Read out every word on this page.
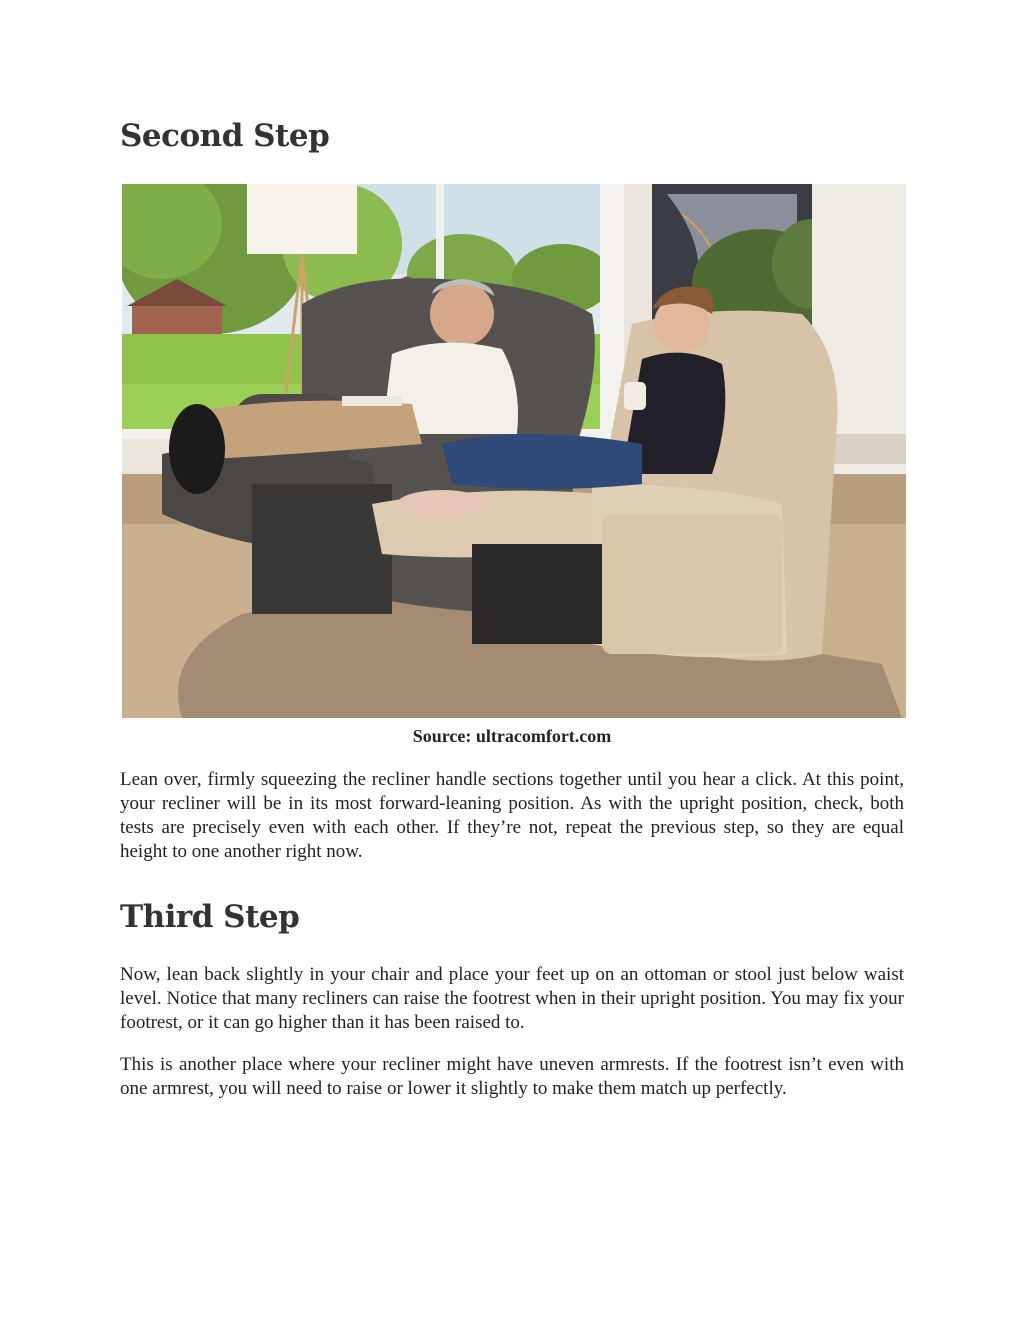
Second Step
Source: ultracomfort.com

Lean over, firmly squeezing the recliner handle sections together until you hear a click. At this point, your recliner will be in its most forward-leaning position. As with the upright position, check, both tests are precisely even with each other. If they’re not, repeat the previous step, so they are equal height to one another right now.

Third Step

Now, lean back slightly in your chair and place your feet up on an ottoman or stool just below waist level. Notice that many recliners can raise the footrest when in their upright position. You may fix your footrest, or it can go higher than it has been raised to.

This is another place where your recliner might have uneven armrests. If the footrest isn’t even with one armrest, you will need to raise or lower it slightly to make them match up perfectly.
